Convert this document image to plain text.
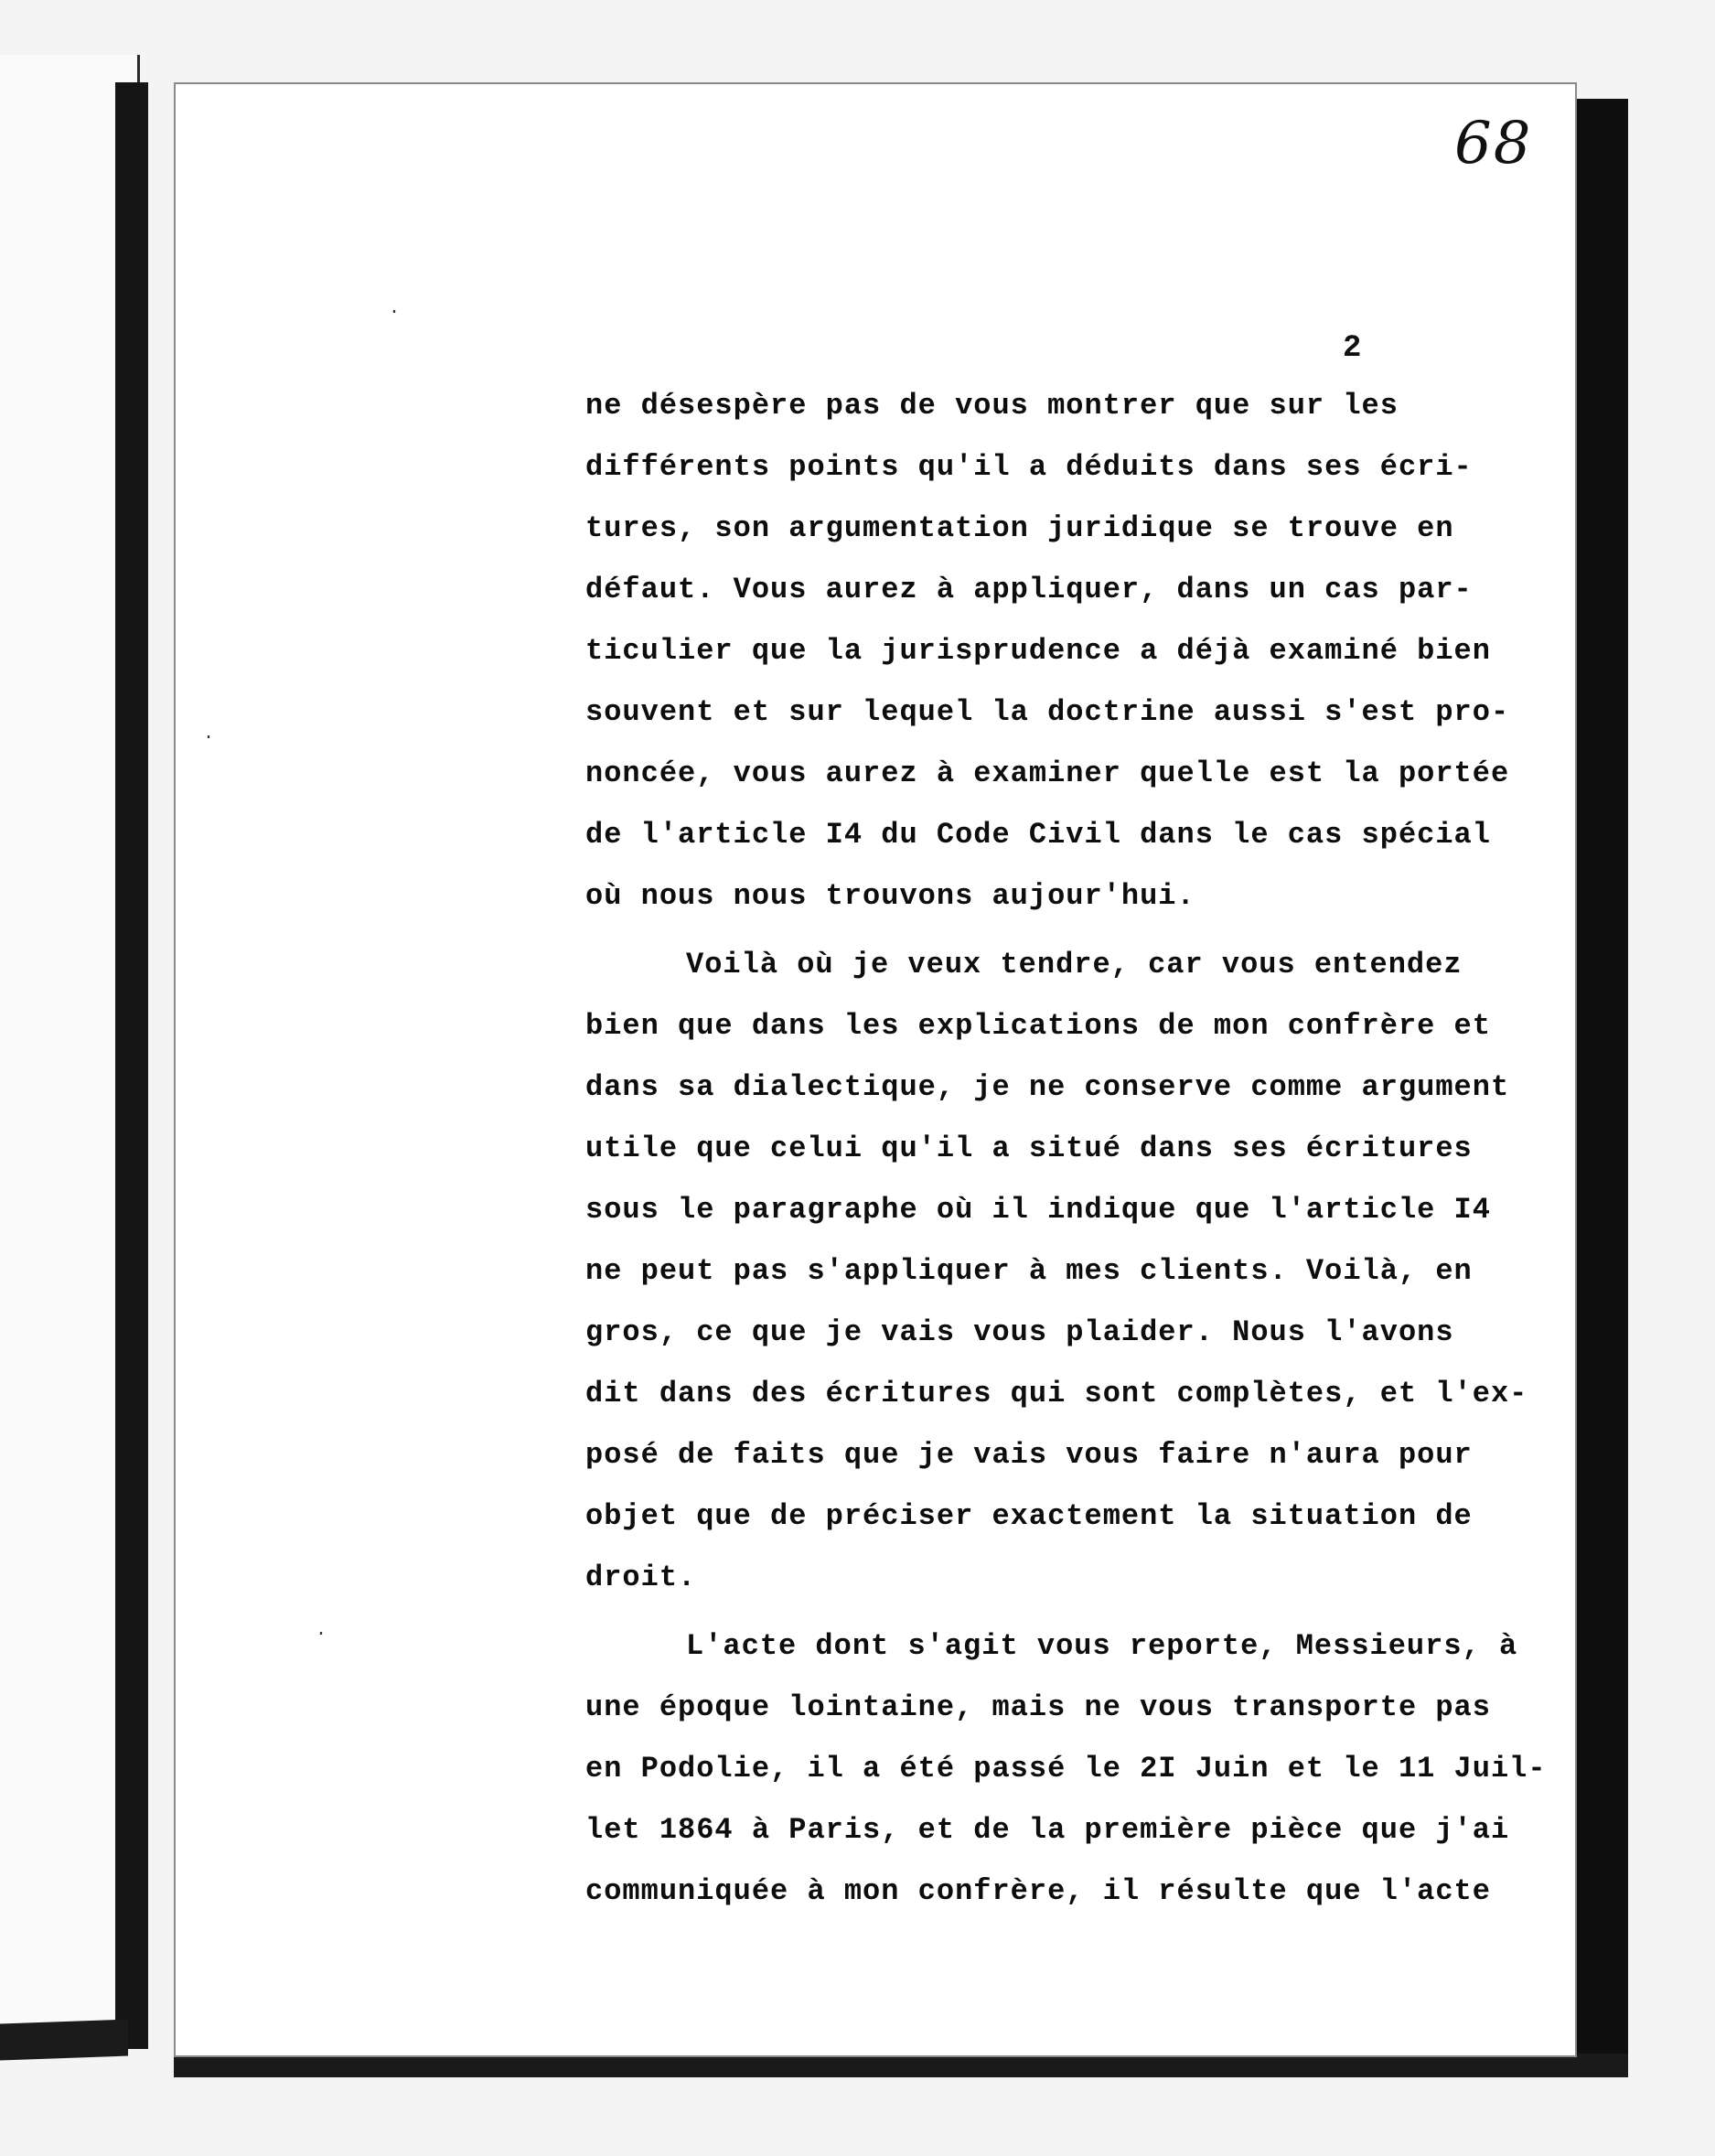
·
·
·
68
2
ne désespère pas de vous montrer que sur les
différents points qu'il a déduits dans ses écri-
tures, son argumentation juridique se trouve en
défaut. Vous aurez à appliquer, dans un cas par-
ticulier que la jurisprudence a déjà examiné bien
souvent et sur lequel la doctrine aussi s'est pro-
noncée, vous aurez à examiner quelle est la portée
de l'article I4 du Code Civil dans le cas spécial
où nous nous trouvons aujour'hui.
Voilà où je veux tendre, car vous entendez
bien que dans les explications de mon confrère et
dans sa dialectique, je ne conserve comme argument
utile que celui qu'il a situé dans ses écritures
sous le paragraphe où il indique que l'article I4
ne peut pas s'appliquer à mes clients. Voilà, en
gros, ce que je vais vous plaider. Nous l'avons
dit dans des écritures qui sont complètes, et l'ex-
posé de faits que je vais vous faire n'aura pour
objet que de préciser exactement la situation de
droit.
L'acte dont s'agit vous reporte, Messieurs, à
une époque lointaine, mais ne vous transporte pas
en Podolie, il a été passé le 2I Juin et le 11 Juil-
let 1864 à Paris, et de la première pièce que j'ai
communiquée à mon confrère, il résulte que l'acte
